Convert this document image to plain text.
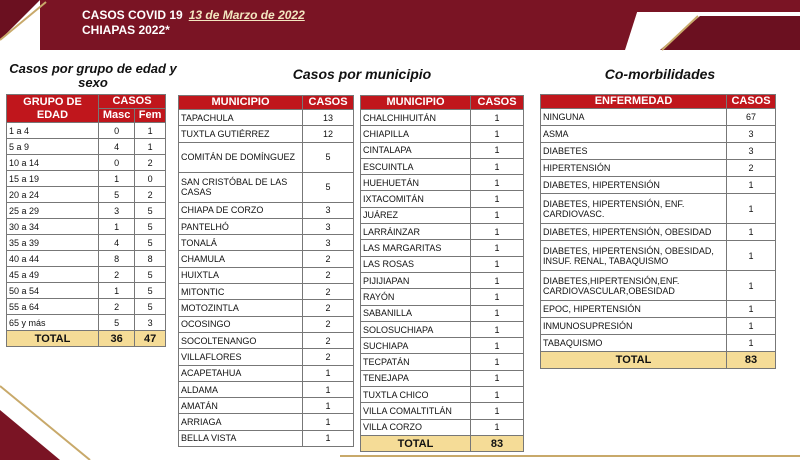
CASOS COVID 19 13 de Marzo de 2022
CHIAPAS 2022*
Casos por grupo de edad y sexo
Casos por municipio	Co-morbilidades
GRUPO DE EDAD	CASOS	
	Masc	Fem
1 a 4	0	1
5 a 9	4	1
10 a 14	0	2
15 a 19	1	0
20 a 24	5	2
25 a 29	3	5
30 a 34	1	5
35 a 39	4	5
40 a 44	8	8
45 a 49	2	5
50 a 54	1	5
55 a 64	2	5
65 y más	5	3
TOTAL	36	47
MUNICIPIO	CASOS
TAPACHULA	13
TUXTLA GUTIÉRREZ	12
COMITÁN DE DOMÍNGUEZ	5
SAN CRISTÓBAL DE LAS CASAS	5
CHIAPA DE CORZO	3
PANTELHÓ	3
TONALÁ	3
CHAMULA	2
HUIXTLA	2
MITONTIC	2
MOTOZINTLA	2
OCOSINGO	2
SOCOLTENANGO	2
VILLAFLORES	2
ACAPETAHUA	1
ALDAMA	1
AMATÁN	1
ARRIAGA	1
BELLA VISTA	1
MUNICIPIO	CASOS
CHALCHIHUITÁN	1
CHIAPILLA	1
CINTALAPA	1
ESCUINTLA	1
HUEHUETÁN	1
IXTACOMITÁN	1
JUÁREZ	1
LARRÁINZAR	1
LAS MARGARITAS	1
LAS ROSAS	1
PIJIJIAPAN	1
RAYÓN	1
SABANILLA	1
SOLOSUCHIAPA	1
SUCHIAPA	1
TECPATÁN	1
TENEJAPA	1
TUXTLA CHICO	1
VILLA COMALTITLÁN	1
VILLA CORZO	1
TOTAL	83
ENFERMEDAD	CASOS
NINGUNA	67
ASMA	3
DIABETES	3
HIPERTENSIÓN	2
DIABETES, HIPERTENSIÓN	1
DIABETES, HIPERTENSIÓN, ENF. CARDIOVASC.	1
DIABETES, HIPERTENSIÓN, OBESIDAD	1
DIABETES, HIPERTENSIÓN, OBESIDAD, INSUF. RENAL, TABAQUISMO	1
DIABETES,HIPERTENSIÓN,ENF. CARDIOVASCULAR,OBESIDAD	1
EPOC, HIPERTENSIÓN	1
INMUNOSUPRESIÓN	1
TABAQUISMO	1
TOTAL	83
